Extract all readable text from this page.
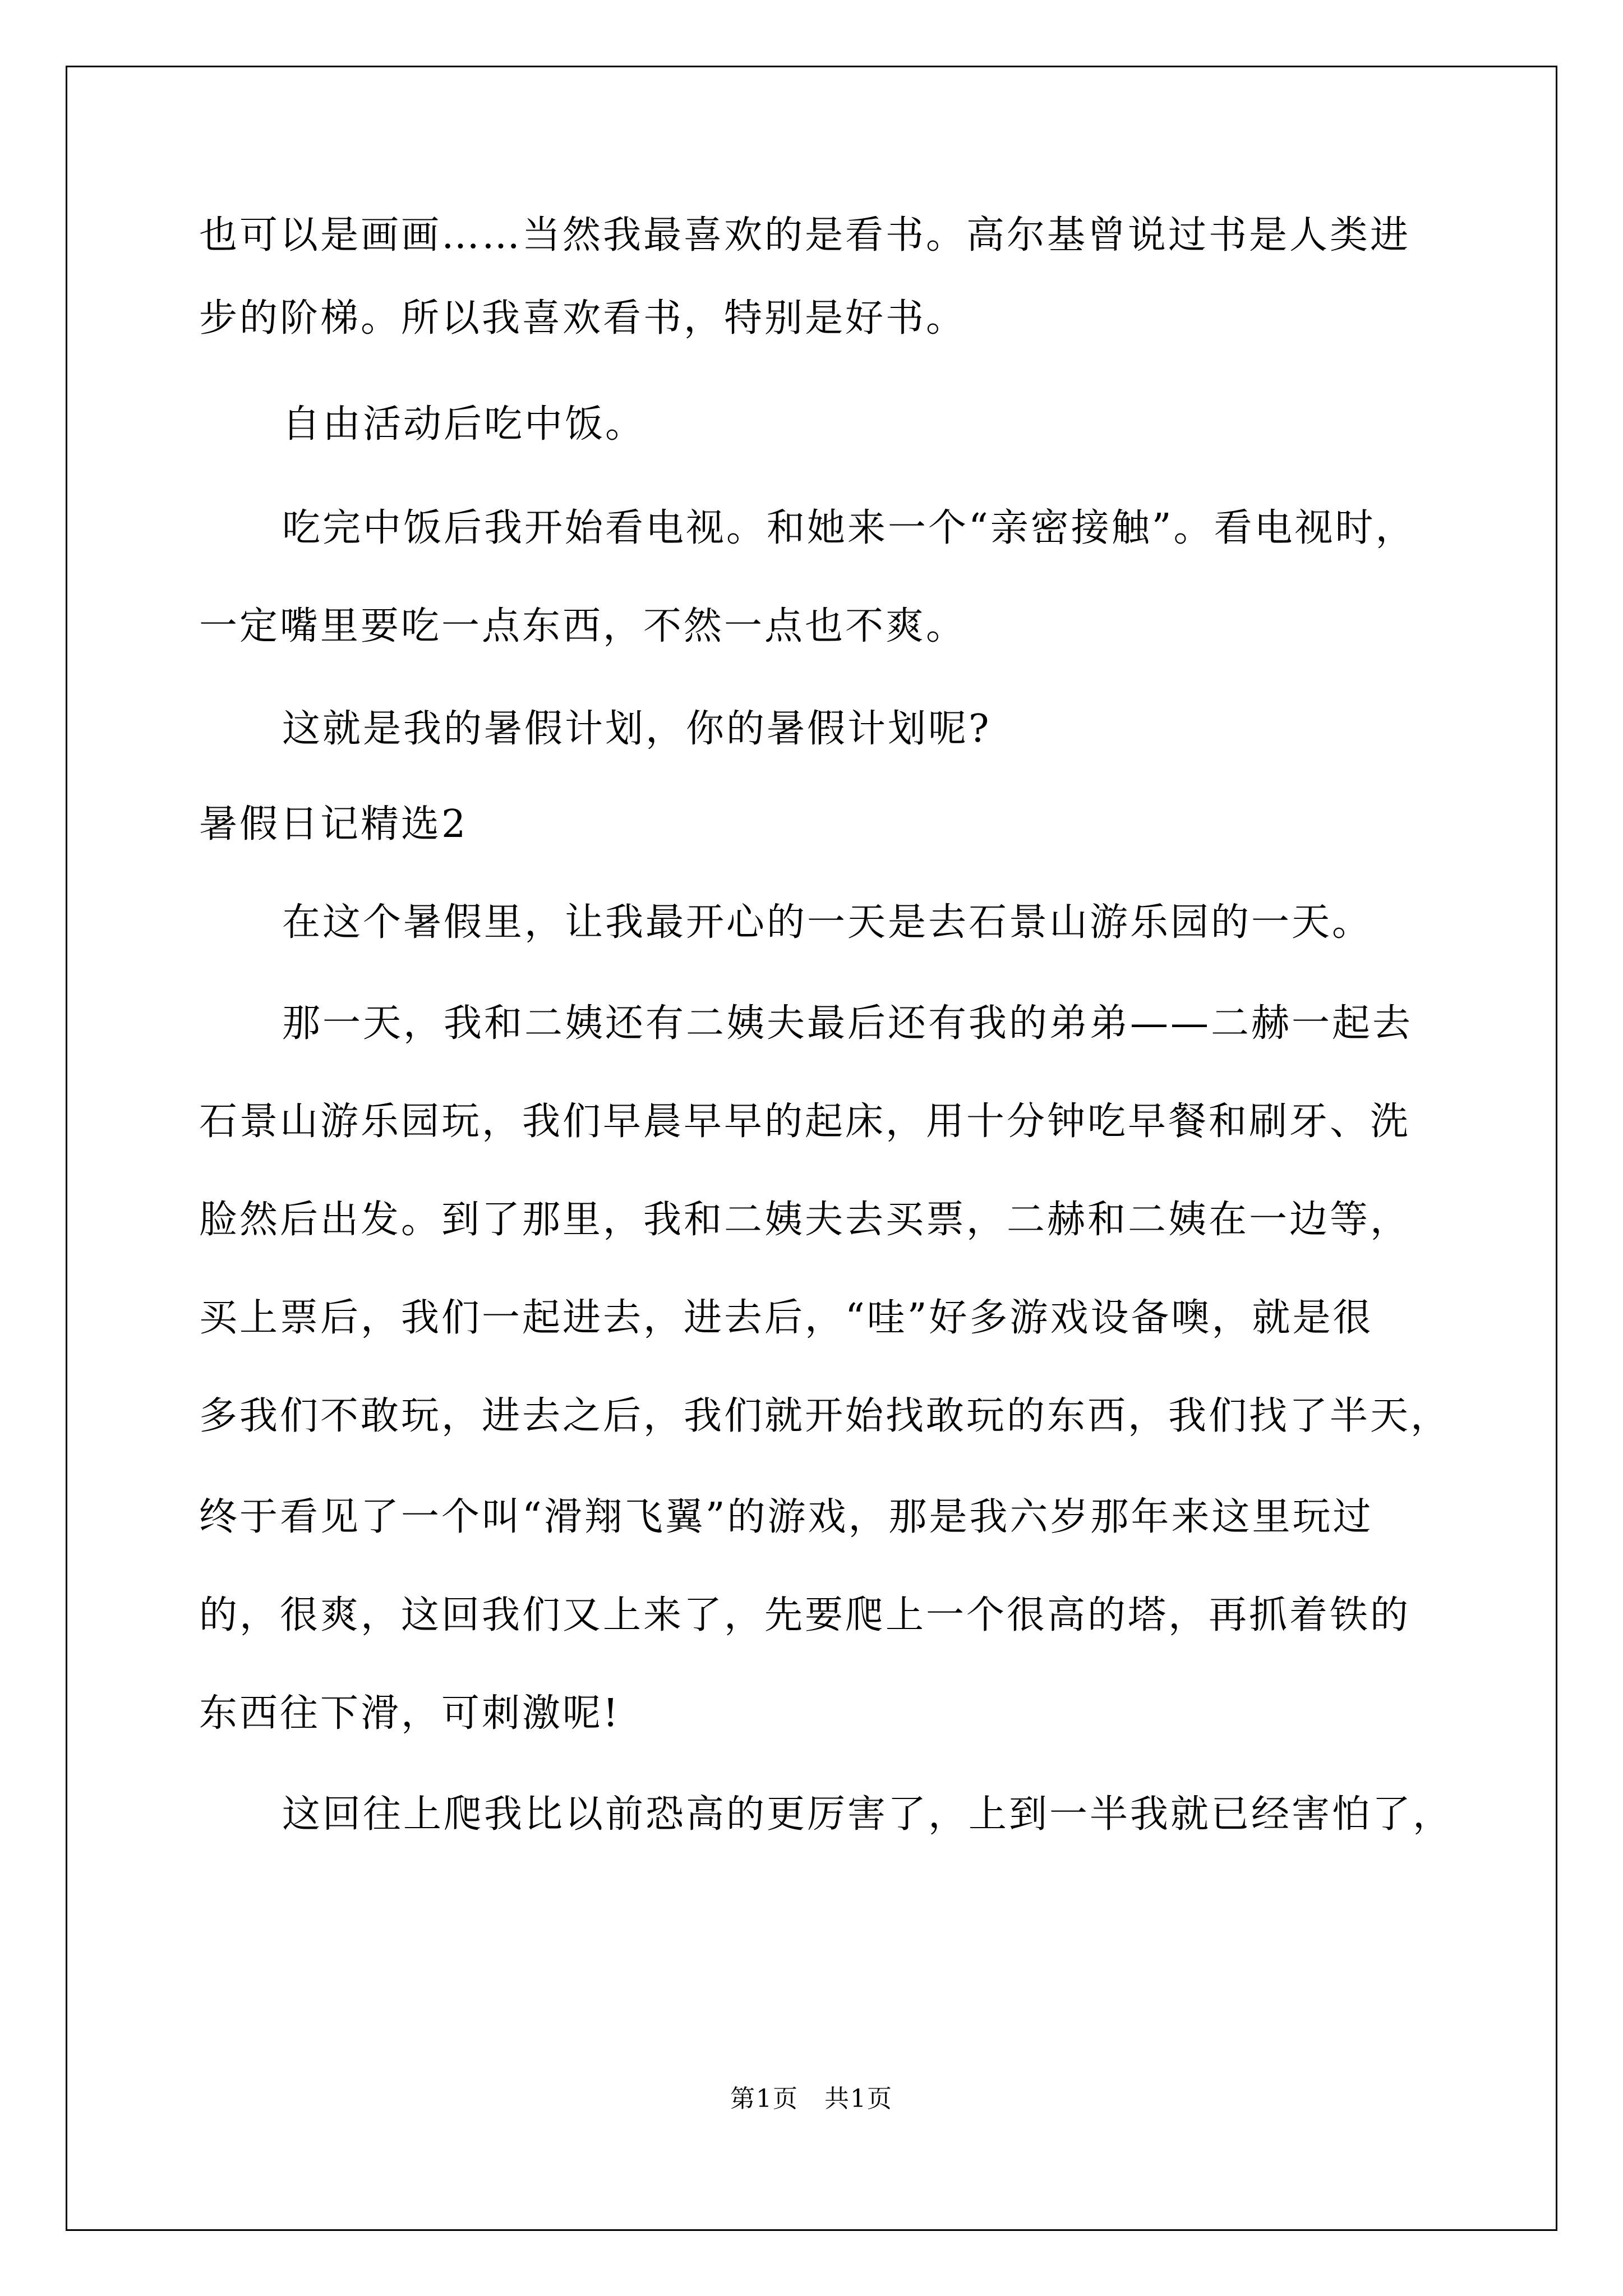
也可以是画画……当然我最喜欢的是看书。高尔基曾说过书是人类进
步的阶梯。所以我喜欢看书，特别是好书。
自由活动后吃中饭。
吃完中饭后我开始看电视。和她来一个“亲密接触”。看电视时，
一定嘴里要吃一点东西，不然一点也不爽。
这就是我的暑假计划，你的暑假计划呢?
暑假日记精选2
在这个暑假里，让我最开心的一天是去石景山游乐园的一天。
那一天，我和二姨还有二姨夫最后还有我的弟弟——二赫一起去
石景山游乐园玩，我们早晨早早的起床，用十分钟吃早餐和刷牙、洗
脸然后出发。到了那里，我和二姨夫去买票，二赫和二姨在一边等，
买上票后，我们一起进去，进去后，“哇”好多游戏设备噢，就是很
多我们不敢玩，进去之后，我们就开始找敢玩的东西，我们找了半天，
终于看见了一个叫“滑翔飞翼”的游戏，那是我六岁那年来这里玩过
的，很爽，这回我们又上来了，先要爬上一个很高的塔，再抓着铁的
东西往下滑，可刺激呢!
这回往上爬我比以前恐高的更厉害了，上到一半我就已经害怕了，
第1页　共1页
